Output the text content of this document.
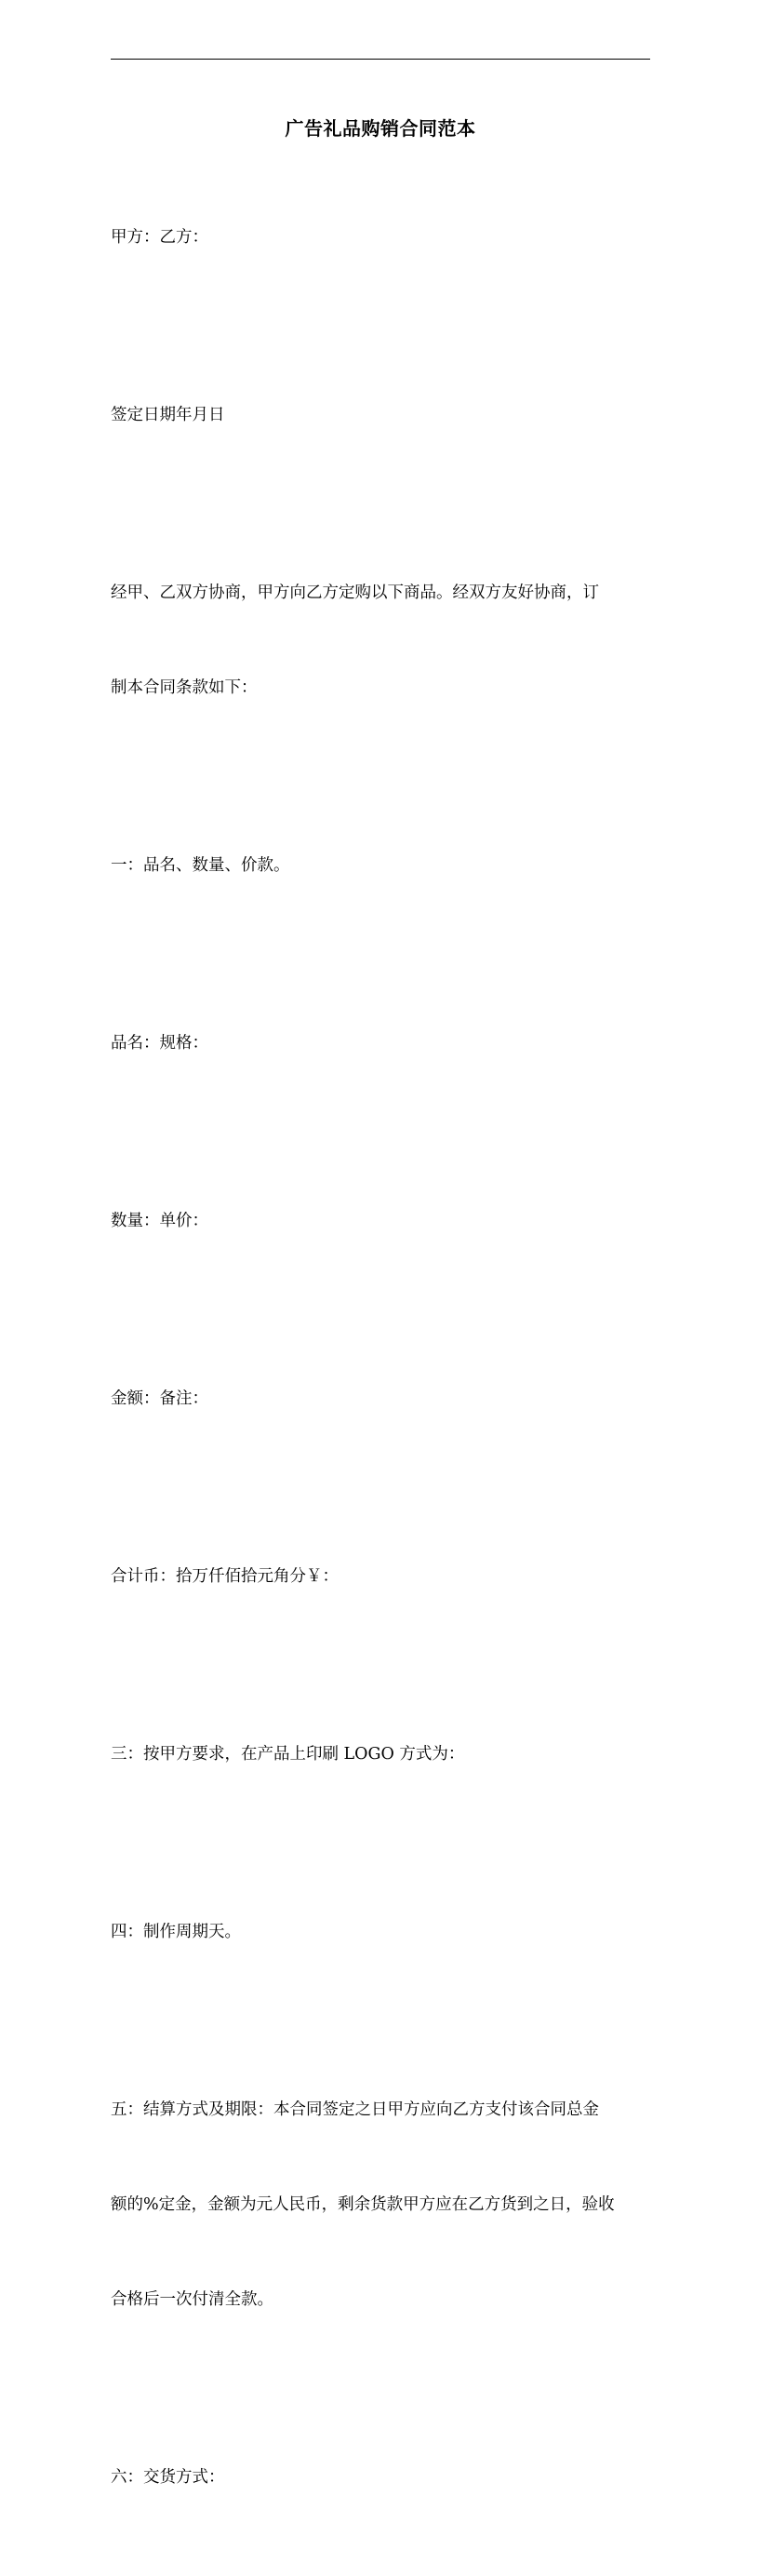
广告礼品购销合同范本

甲方：乙方：

签定日期年月日

经甲、乙双方协商，甲方向乙方定购以下商品。经双方友好协商，订

制本合同条款如下：

一：品名、数量、价款。

品名：规格：

数量：单价：

金额：备注：

合计币：拾万仟佰拾元角分￥：

三：按甲方要求，在产品上印刷 LOGO 方式为：

四：制作周期天。

五：结算方式及期限：本合同签定之日甲方应向乙方支付该合同总金

额的%定金，金额为元人民币，剩余货款甲方应在乙方货到之日，验收

合格后一次付清全款。

六：交货方式：
